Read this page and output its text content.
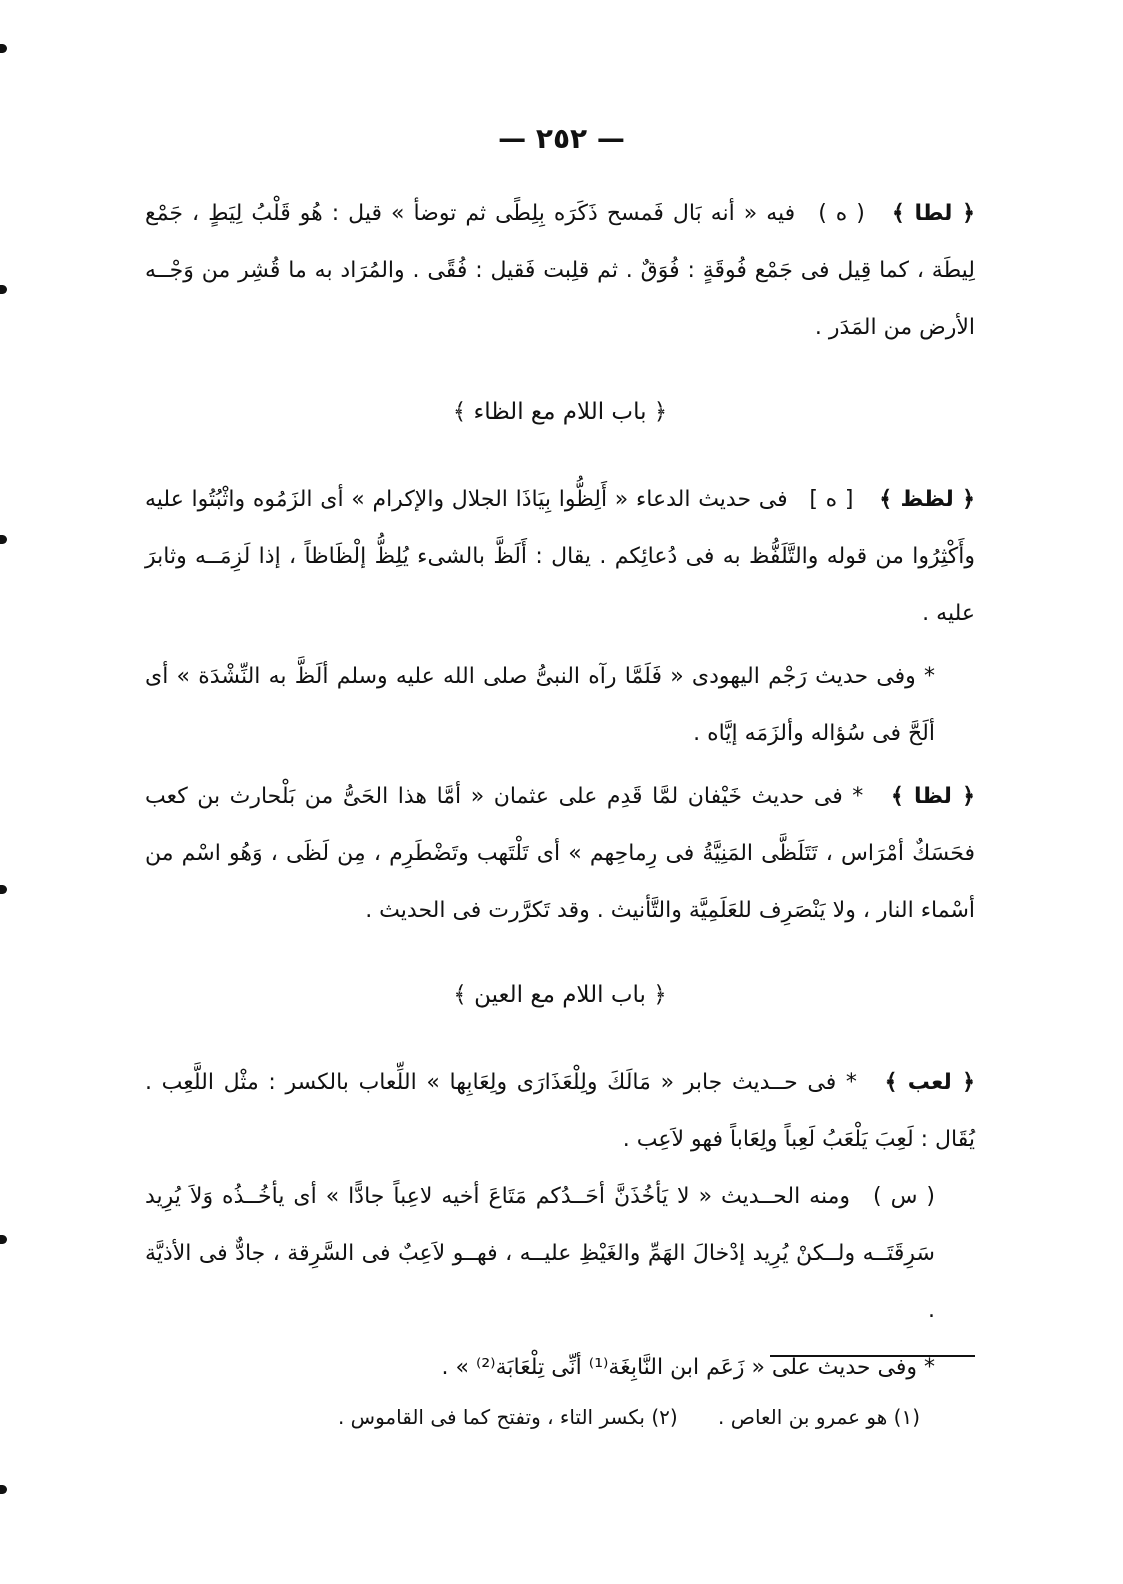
— ٢٥٢ —

﴿ لطا ﴾ ( ه ) فيه « أنه بَال فَمسح ذَكَرَه بِلِطًى ثم توضأ » قيل : هُو قَلْبُ لِيَطٍ ، جَمْع لِيطَة ، كما قِيل فى جَمْع فُوقَةٍ : فُوَقٌ . ثم قلِبت فَقيل : فُقًى . والمُرَاد به ما قُشِر من وَجْــه الأرض من المَدَر .

﴿ باب اللام مع الظاء ﴾

﴿ لظظ ﴾ [ ه ] فى حديث الدعاء « أَلِظُّوا بِيَاذَا الجلال والإكرام » أى الزَمُوه واثْبُتُوا عليه وأَكْثِرُوا من قوله والتَّلَفُّظ به فى دُعائِكم . يقال : أَلَظَّ بالشىء يُلِظُّ إلْظَاظاً ، إذا لَزِمَــه وثابرَ عليه .

* وفى حديث رَجْم اليهودى « فَلَمَّا رآه النبىُّ صلى الله عليه وسلم ألَظَّ به النِّشْدَة » أى ألَحَّ فى سُؤاله وألزَمَه إيَّاه .

﴿ لظا ﴾ * فى حديث خَيْفان لمَّا قَدِم على عثمان « أمَّا هذا الحَىُّ من بَلْحارث بن كعب فحَسَكٌ أمْرَاس ، تَتَلَظَّى المَنِيَّةُ فى رِماحِهم » أى تَلْتَهب وتَضْطَرِم ، مِن لَظَى ، وَهُو اسْم من أسْماء النار ، ولا يَنْصَرِف للعَلَمِيَّة والتَّأنيث . وقد تَكرَّرت فى الحديث .

﴿ باب اللام مع العين ﴾

﴿ لعب ﴾ * فى حــديث جابر « مَالَكَ ولِلْعَذَارَى ولِعَابِها » اللِّعاب بالكسر : مثْل اللَّعِب . يُقَال : لَعِبَ يَلْعَبُ لَعِباً ولِعَاباً فهو لاَعِب .

( س ) ومنه الحــديث « لا يَأخُذَنَّ أحَــدُكم مَتَاعَ أخيه لاعِباً جادًّا » أى يأخُــذُه وَلاَ يُرِيد سَرِقَتَــه ولــكنْ يُرِيد إدْخالَ الهَمِّ والغَيْظِ عليــه ، فهــو لاَعِبٌ فى السَّرِقة ، جادٌّ فى الأذيَّة .

* وفى حديث على « زَعَم ابن النَّابِغَة⁽¹⁾ أنِّى تِلْعَابَة⁽²⁾ » .

(١) هو عمرو بن العاص . (٢) بكسر التاء ، وتفتح كما فى القاموس .
